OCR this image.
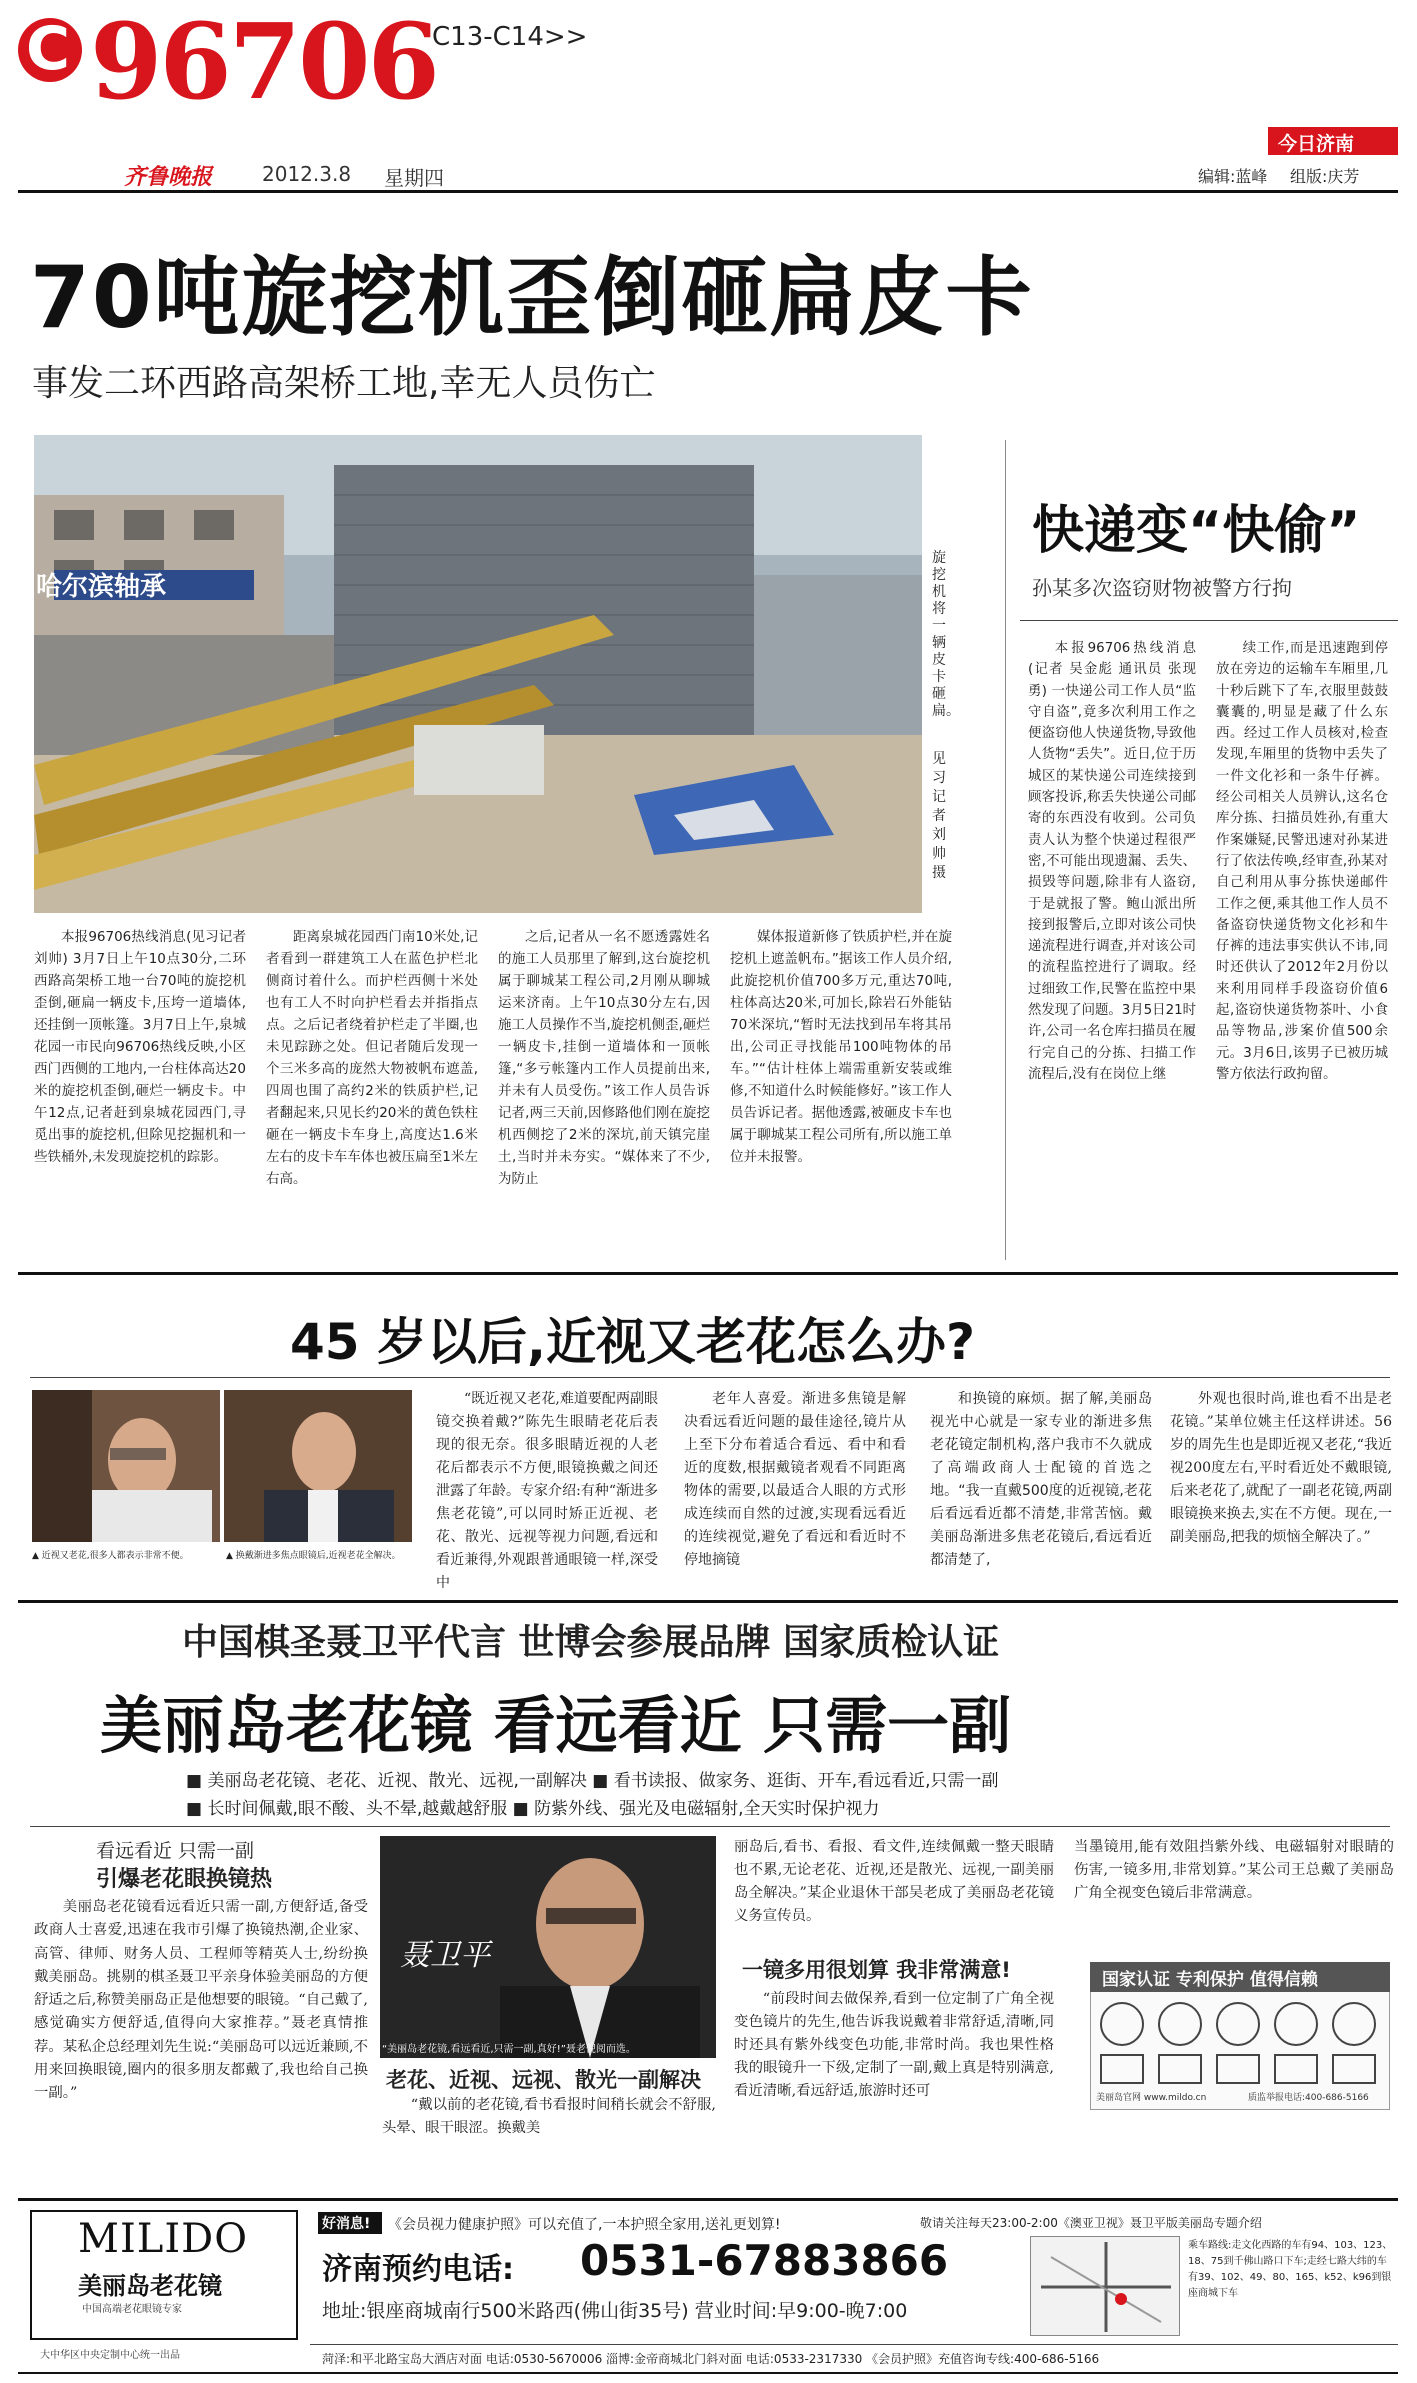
C 96706
C13-C14>>
齐鲁晚报 2012.3.8 星期四
今日济南
编辑:蓝峰 组版:庆芳
70吨旋挖机歪倒砸扁皮卡
事发二环西路高架桥工地,幸无人员伤亡
哈尔滨轴承
旋挖机将一辆皮卡砸扁。
见习记者 刘帅 摄

本报96706热线消息(见习记者 刘帅) 3月7日上午10点30分,二环西路高架桥工地一台70吨的旋挖机歪倒,砸扁一辆皮卡,压垮一道墙体,还挂倒一顶帐篷。3月7日上午,泉城花园一市民向96706热线反映,小区西门西侧的工地内,一台柱体高达20米的旋挖机歪倒,砸烂一辆皮卡。中午12点,记者赶到泉城花园西门,寻觅出事的旋挖机,但除见挖掘机和一些铁桶外,未发现旋挖机的踪影。

距离泉城花园西门南10米处,记者看到一群建筑工人在蓝色护栏北侧商讨着什么。而护栏西侧十米处也有工人不时向护栏看去并指指点点。之后记者绕着护栏走了半圈,也未见踪跡之处。但记者随后发现一个三米多高的庞然大物被帆布遮盖,四周也围了高约2米的铁质护栏,记者翻起来,只见长约20米的黄色铁柱砸在一辆皮卡车身上,高度达1.6米左右的皮卡车车体也被压扁至1米左右高。

之后,记者从一名不愿透露姓名的施工人员那里了解到,这台旋挖机属于聊城某工程公司,2月刚从聊城运来济南。上午10点30分左右,因施工人员操作不当,旋挖机侧歪,砸烂一辆皮卡,挂倒一道墙体和一顶帐篷,“多亏帐篷内工作人员提前出来,并未有人员受伤。”该工作人员告诉记者,两三天前,因修路他们刚在旋挖机西侧挖了2米的深坑,前天镇完崖土,当时并未夯实。“媒体来了不少,为防止

媒体报道新修了铁质护栏,并在旋挖机上遮盖帆布。”据该工作人员介绍,此旋挖机价值700多万元,重达70吨,柱体高达20米,可加长,除岩石外能钻70米深坑,“暂时无法找到吊车将其吊出,公司正寻找能吊100吨物体的吊车。”“估计柱体上端需重新安装或维修,不知道什么时候能修好。”该工作人员告诉记者。据他透露,被砸皮卡车也属于聊城某工程公司所有,所以施工单位并未报警。

快递变“快偷”
孙某多次盗窃财物被警方行拘

本报96706热线消息(记者 吴金彪 通讯员 张现勇) 一快递公司工作人员“监守自盗”,竟多次利用工作之便盗窃他人快递货物,导致他人货物“丢失”。近日,位于历城区的某快递公司连续接到顾客投诉,称丢失快递公司邮寄的东西没有收到。公司负责人认为整个快递过程很严密,不可能出现遗漏、丢失、损毁等问题,除非有人盗窃,于是就报了警。鲍山派出所接到报警后,立即对该公司快递流程进行调查,并对该公司的流程监控进行了调取。经过细致工作,民警在监控中果然发现了问题。3月5日21时许,公司一名仓库扫描员在履行完自己的分拣、扫描工作流程后,没有在岗位上继

续工作,而是迅速跑到停放在旁边的运输车车厢里,几十秒后跳下了车,衣服里鼓鼓囊囊的,明显是藏了什么东西。经过工作人员核对,检查发现,车厢里的货物中丢失了一件文化衫和一条牛仔裤。经公司相关人员辨认,这名仓库分拣、扫描员姓孙,有重大作案嫌疑,民警迅速对孙某进行了依法传唤,经审查,孙某对自己利用从事分拣快递邮件工作之便,乘其他工作人员不备盗窃快递货物文化衫和牛仔裤的违法事实供认不讳,同时还供认了2012年2月份以来利用同样手段盗窃价值6起,盗窃快递货物茶叶、小食品等物品,涉案价值500余元。3月6日,该男子已被历城警方依法行政拘留。

45 岁以后,近视又老花怎么办?
▲ 近视又老花,很多人都表示非常不便。	▲ 换戴渐进多焦点眼镜后,近视老花全解决。

“既近视又老花,难道要配两副眼镜交换着戴?”陈先生眼睛老花后表现的很无奈。很多眼睛近视的人老花后都表示不方便,眼镜换戴之间还泄露了年龄。专家介绍:有种“渐进多焦老花镜”,可以同时矫正近视、老花、散光、远视等视力问题,看远和看近兼得,外观跟普通眼镜一样,深受中

老年人喜爱。渐进多焦镜是解决看远看近问题的最佳途径,镜片从上至下分布着适合看远、看中和看近的度数,根据戴镜者观看不同距离物体的需要,以最适合人眼的方式形成连续而自然的过渡,实现看远看近的连续视觉,避免了看远和看近时不停地摘镜

和换镜的麻烦。据了解,美丽岛视光中心就是一家专业的渐进多焦老花镜定制机构,落户我市不久就成了高端政商人士配镜的首选之地。“我一直戴500度的近视镜,老花后看远看近都不清楚,非常苦恼。戴美丽岛渐进多焦老花镜后,看远看近都清楚了,

外观也很时尚,谁也看不出是老花镜。”某单位姚主任这样讲述。56岁的周先生也是即近视又老花,“我近视200度左右,平时看近处不戴眼镜,后来老花了,就配了一副老花镜,两副眼镜换来换去,实在不方便。现在,一副美丽岛,把我的烦恼全解决了。”

中国棋圣聂卫平代言 世博会参展品牌 国家质检认证
美丽岛老花镜 看远看近 只需一副
■ 美丽岛老花镜、老花、近视、散光、远视,一副解决 ■ 看书读报、做家务、逛街、开车,看远看近,只需一副
■ 长时间佩戴,眼不酸、头不晕,越戴越舒服 ■ 防紫外线、强光及电磁辐射,全天实时保护视力
看远看近 只需一副
引爆老花眼换镜热

美丽岛老花镜看远看近只需一副,方便舒适,备受政商人士喜爱,迅速在我市引爆了换镜热潮,企业家、高管、律师、财务人员、工程师等精英人士,纷纷换戴美丽岛。挑剔的棋圣聂卫平亲身体验美丽岛的方便舒适之后,称赞美丽岛正是他想要的眼镜。“自己戴了,感觉确实方便舒适,值得向大家推荐。”聂老真情推荐。某私企总经理刘先生说:“美丽岛可以远近兼顾,不用来回换眼镜,圈内的很多朋友都戴了,我也给自己换一副。”

聂卫平
“美丽岛老花镜,看远看近,只需一副,真好!”聂老倪阅而选。
老花、近视、远视、散光一副解决

“戴以前的老花镜,看书看报时间稍长就会不舒服,头晕、眼干眼涩。换戴美

丽岛后,看书、看报、看文件,连续佩戴一整天眼睛也不累,无论老花、近视,还是散光、远视,一副美丽岛全解决。”某企业退休干部吴老成了美丽岛老花镜义务宣传员。

一镜多用很划算 我非常满意!

“前段时间去做保养,看到一位定制了广角全视变色镜片的先生,他告诉我说戴着非常舒适,清晰,同时还具有紫外线变色功能,非常时尚。我也果性格我的眼镜升一下级,定制了一副,戴上真是特别满意,看近清晰,看远舒适,旅游时还可

当墨镜用,能有效阻挡紫外线、电磁辐射对眼睛的伤害,一镜多用,非常划算。”某公司王总戴了美丽岛广角全视变色镜后非常满意。

国家认证 专利保护 值得信赖
美丽岛官网 www.mildo.cn	质监举报电话:400-686-5166
MILIDO
美丽岛老花镜
中国高端老花眼镜专家
大中华区中央定制中心统一出品
好消息! 《会员视力健康护照》可以充值了,一本护照全家用,送礼更划算!	敬请关注每天23:00-2:00《澳亚卫视》聂卫平版美丽岛专题介绍
济南预约电话: 0531-67883866
地址:银座商城南行500米路西(佛山街35号) 营业时间:早9:00-晚7:00
乘车路线:走文化西路的车有94、103、123、18、75到千佛山路口下车;走经七路大纬的车有39、102、49、80、165、k52、k96到银座商城下车
菏泽:和平北路宝岛大酒店对面 电话:0530-5670006 淄博:金帝商城北门斜对面 电话:0533-2317330 《会员护照》充值咨询专线:400-686-5166
